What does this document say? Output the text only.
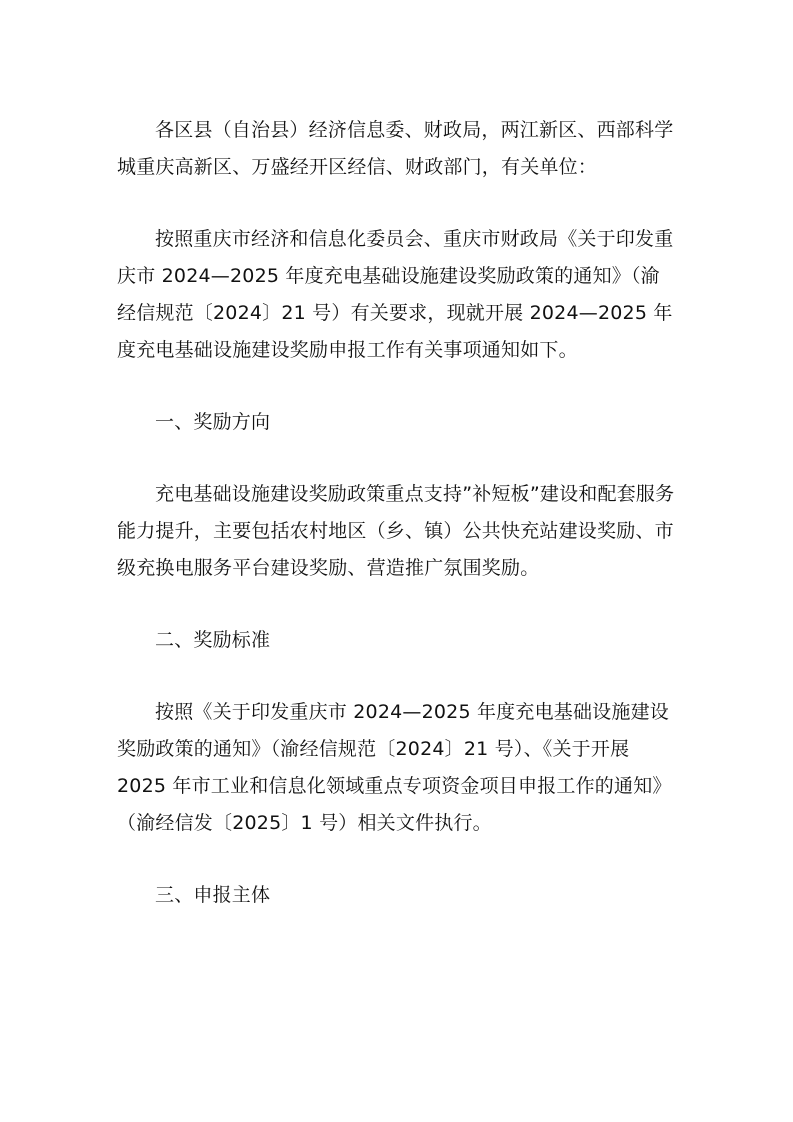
各区县（自治县）经济信息委、财政局，两江新区、西部科学城重庆高新区、万盛经开区经信、财政部门，有关单位：

按照重庆市经济和信息化委员会、重庆市财政局《关于印发重庆市 2024—2025 年度充电基础设施建设奖励政策的通知》（渝经信规范〔2024〕21 号）有关要求，现就开展 2024—2025 年度充电基础设施建设奖励申报工作有关事项通知如下。

一、奖励方向

充电基础设施建设奖励政策重点支持”补短板”建设和配套服务能力提升，主要包括农村地区（乡、镇）公共快充站建设奖励、市级充换电服务平台建设奖励、营造推广氛围奖励。

二、奖励标准

按照《关于印发重庆市 2024—2025 年度充电基础设施建设奖励政策的通知》（渝经信规范〔2024〕21 号）、《关于开展 2025 年市工业和信息化领域重点专项资金项目申报工作的通知》（渝经信发〔2025〕1 号）相关文件执行。

三、申报主体
